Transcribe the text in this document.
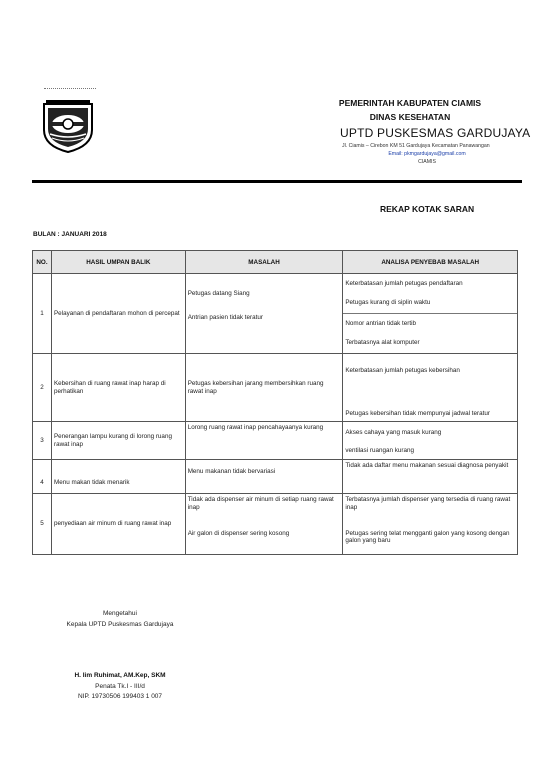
PEMERINTAH KABUPATEN CIAMIS
DINAS KESEHATAN
UPTD PUSKESMAS GARDUJAYA
Jl. Ciamis – Cirebon KM 51 Gardujaya Kecamatan Panawangan
Email: pkmgardujaya@gmail.com
CIAMIS
REKAP KOTAK SARAN
BULAN : JANUARI 2018
NO.	HASIL UMPAN BALIK	MASALAH	ANALISA PENYEBAB MASALAH
1	Pelayanan di pendaftaran mohon di percepat	Petugas datang Siang	Keterbatasan jumlah petugas pendaftaran
			Petugas kurang di siplin waktu
		Antrian pasien tidak teratur	Nomor antrian tidak tertib
			Terbatasnya alat komputer
2	Kebersihan di ruang rawat inap harap di perhatikan	Petugas kebersihan jarang membersihkan ruang rawat inap	Keterbatasan jumlah petugas kebersihan
			Petugas kebersihan tidak mempunyai jadwal teratur
3	Penerangan lampu kurang di lorong ruang rawat inap	Lorong ruang rawat inap pencahayaanya kurang	Akses cahaya yang masuk kurang
			ventilasi ruangan kurang
4	Menu makan tidak menarik	Menu makanan tidak bervariasi	Tidak ada daftar menu makanan sesuai diagnosa penyakit
5	penyediaan air minum di ruang rawat inap	Tidak ada dispenser air minum di setiap ruang rawat inap	Terbatasnya jumlah dispenser yang tersedia di ruang rawat inap
		Air galon di dispenser sering kosong	Petugas sering telat mengganti galon yang kosong dengan galon yang baru
Mengetahui
Kepala UPTD Puskesmas Gardujaya
H. Iim Ruhimat, AM.Kep, SKM
Penata Tk.I - III/d
NIP. 19730506 199403 1 007
